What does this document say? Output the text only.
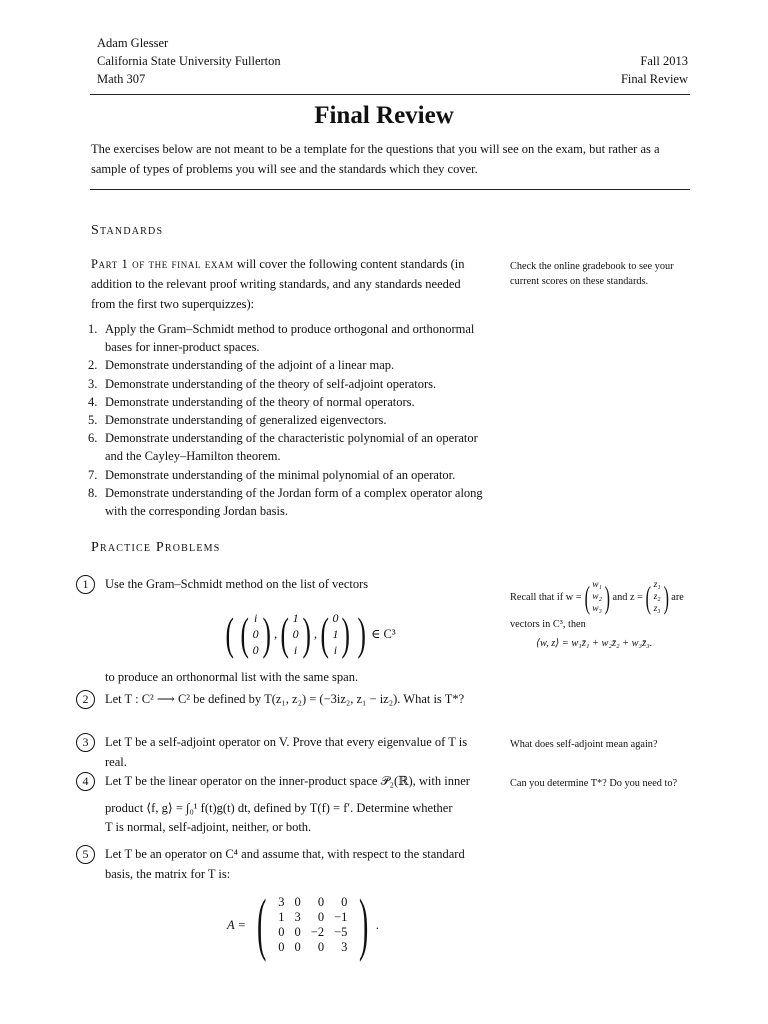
Adam Glesser
California State University Fullerton
Math 307
Fall 2013
Final Review
Final Review
The exercises below are not meant to be a template for the questions that you will see on the exam, but rather as a sample of types of problems you will see and the standards which they cover.
Standards
Part 1 of the final exam will cover the following content standards (in addition to the relevant proof writing standards, and any standards needed from the first two superquizzes):
Check the online gradebook to see your current scores on these standards.
1. Apply the Gram–Schmidt method to produce orthogonal and orthonormal bases for inner-product spaces.
2. Demonstrate understanding of the adjoint of a linear map.
3. Demonstrate understanding of the theory of self-adjoint operators.
4. Demonstrate understanding of the theory of normal operators.
5. Demonstrate understanding of generalized eigenvectors.
6. Demonstrate understanding of the characteristic polynomial of an operator and the Cayley–Hamilton theorem.
7. Demonstrate understanding of the minimal polynomial of an operator.
8. Demonstrate understanding of the Jordan form of a complex operator along with the corresponding Jordan basis.
Practice Problems
1	Use the Gram–Schmidt method on the list of vectors
( ( i
0
0 ) , ( 1
0
i ) , ( 0
1
i ) ) ∈ C³
to produce an orthonormal list with the same span.
Recall that if w = ( w₁
w₂
w₃ ) and z = ( z₁
z₂
z₃ ) are
vectors in C³, then
⟨w, z⟩ = w₁z̄₁ + w₂z̄₂ + w₃z̄₃.
2	Let T : C² ⟶ C² be defined by T(z₁, z₂) = (−3iz₂, z₁ − iz₂). What is T*?
3	Let T be a self-adjoint operator on V. Prove that every eigenvalue of T is real.
What does self-adjoint mean again?
4	Let T be the linear operator on the inner-product space 𝒫₂(ℝ), with inner
product ⟨f, g⟩ = ∫₀¹ f(t)g(t) dt, defined by T(f) = f′. Determine whether
T is normal, self-adjoint, neither, or both.
Can you determine T*? Do you need to?
5	Let T be an operator on C⁴ and assume that, with respect to the standard
basis, the matrix for T is:
A = ( 3	0	0	0
1	3	0	−1
0	0	−2	−5
0	0	0	3 ) .
